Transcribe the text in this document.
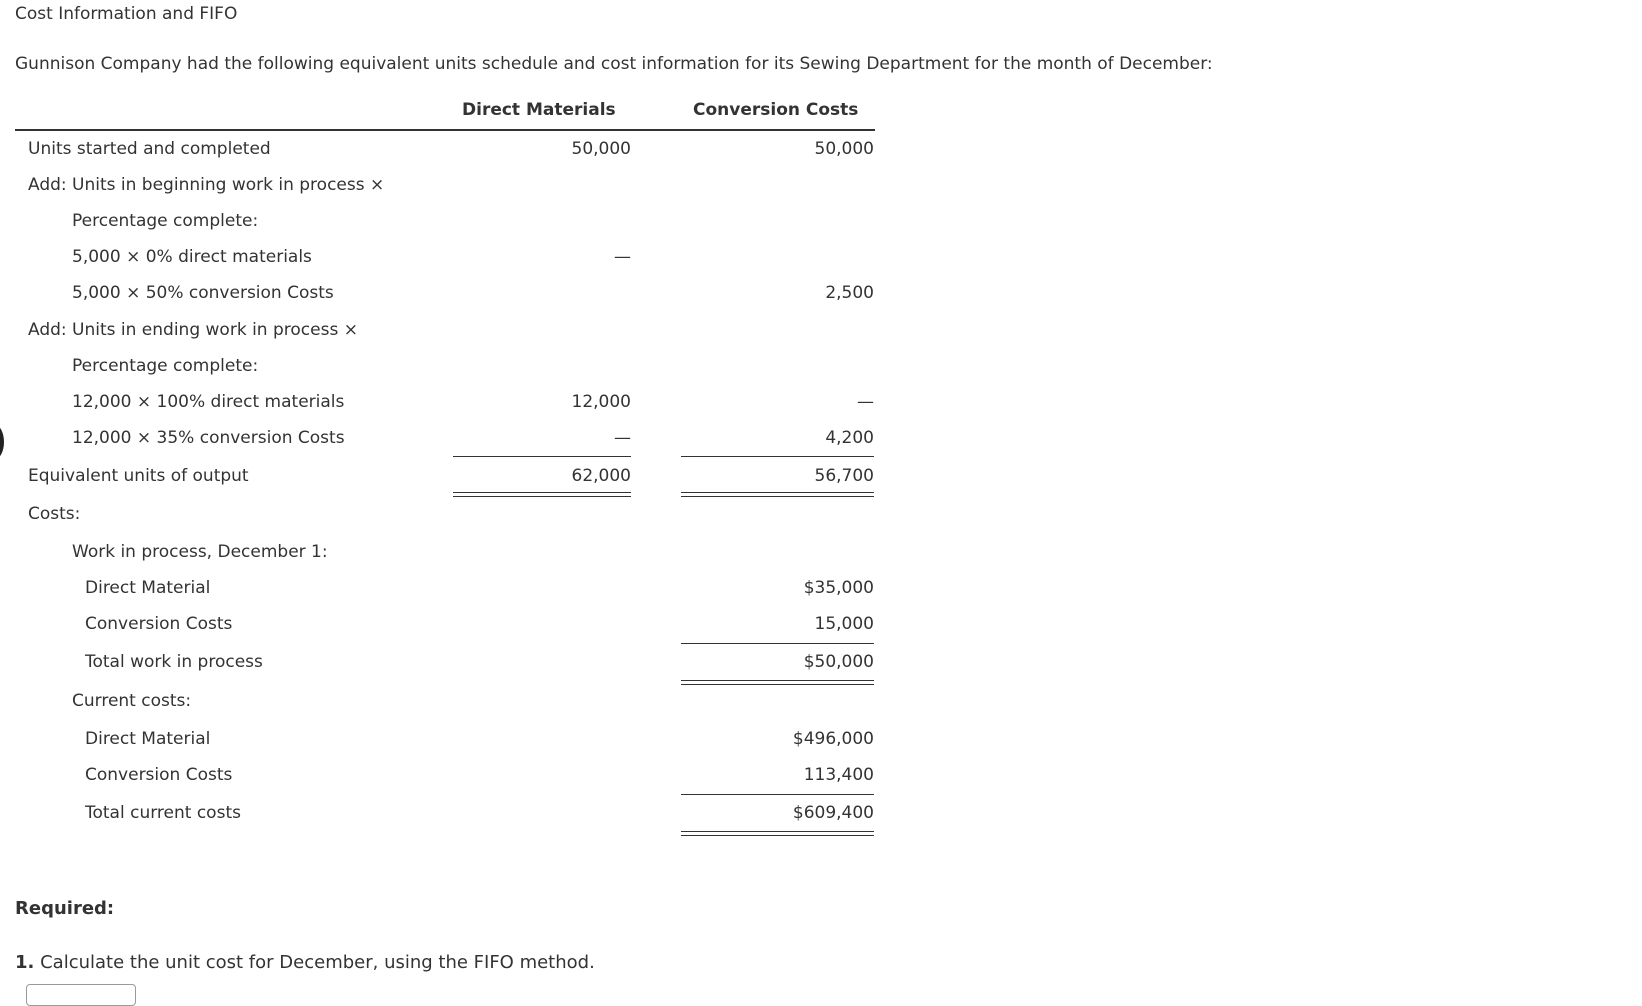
Cost Information and FIFO
Gunnison Company had the following equivalent units schedule and cost information for its Sewing Department for the month of December:
Direct Materials	Conversion Costs
Units started and completed
Add: Units in beginning work in process ×
Percentage complete:
5,000 × 0% direct materials
5,000 × 50% conversion Costs
Add: Units in ending work in process ×
Percentage complete:
12,000 × 100% direct materials
12,000 × 35% conversion Costs
Equivalent units of output
Costs:
Work in process, December 1:
Direct Material
Conversion Costs
Total work in process
Current costs:
Direct Material
Conversion Costs
Total current costs
50,000
—
12,000
—
62,000
50,000
2,500
—
4,200
56,700
$35,000
15,000
$50,000
$496,000
113,400
$609,400
Required:
1. Calculate the unit cost for December, using the FIFO method.
